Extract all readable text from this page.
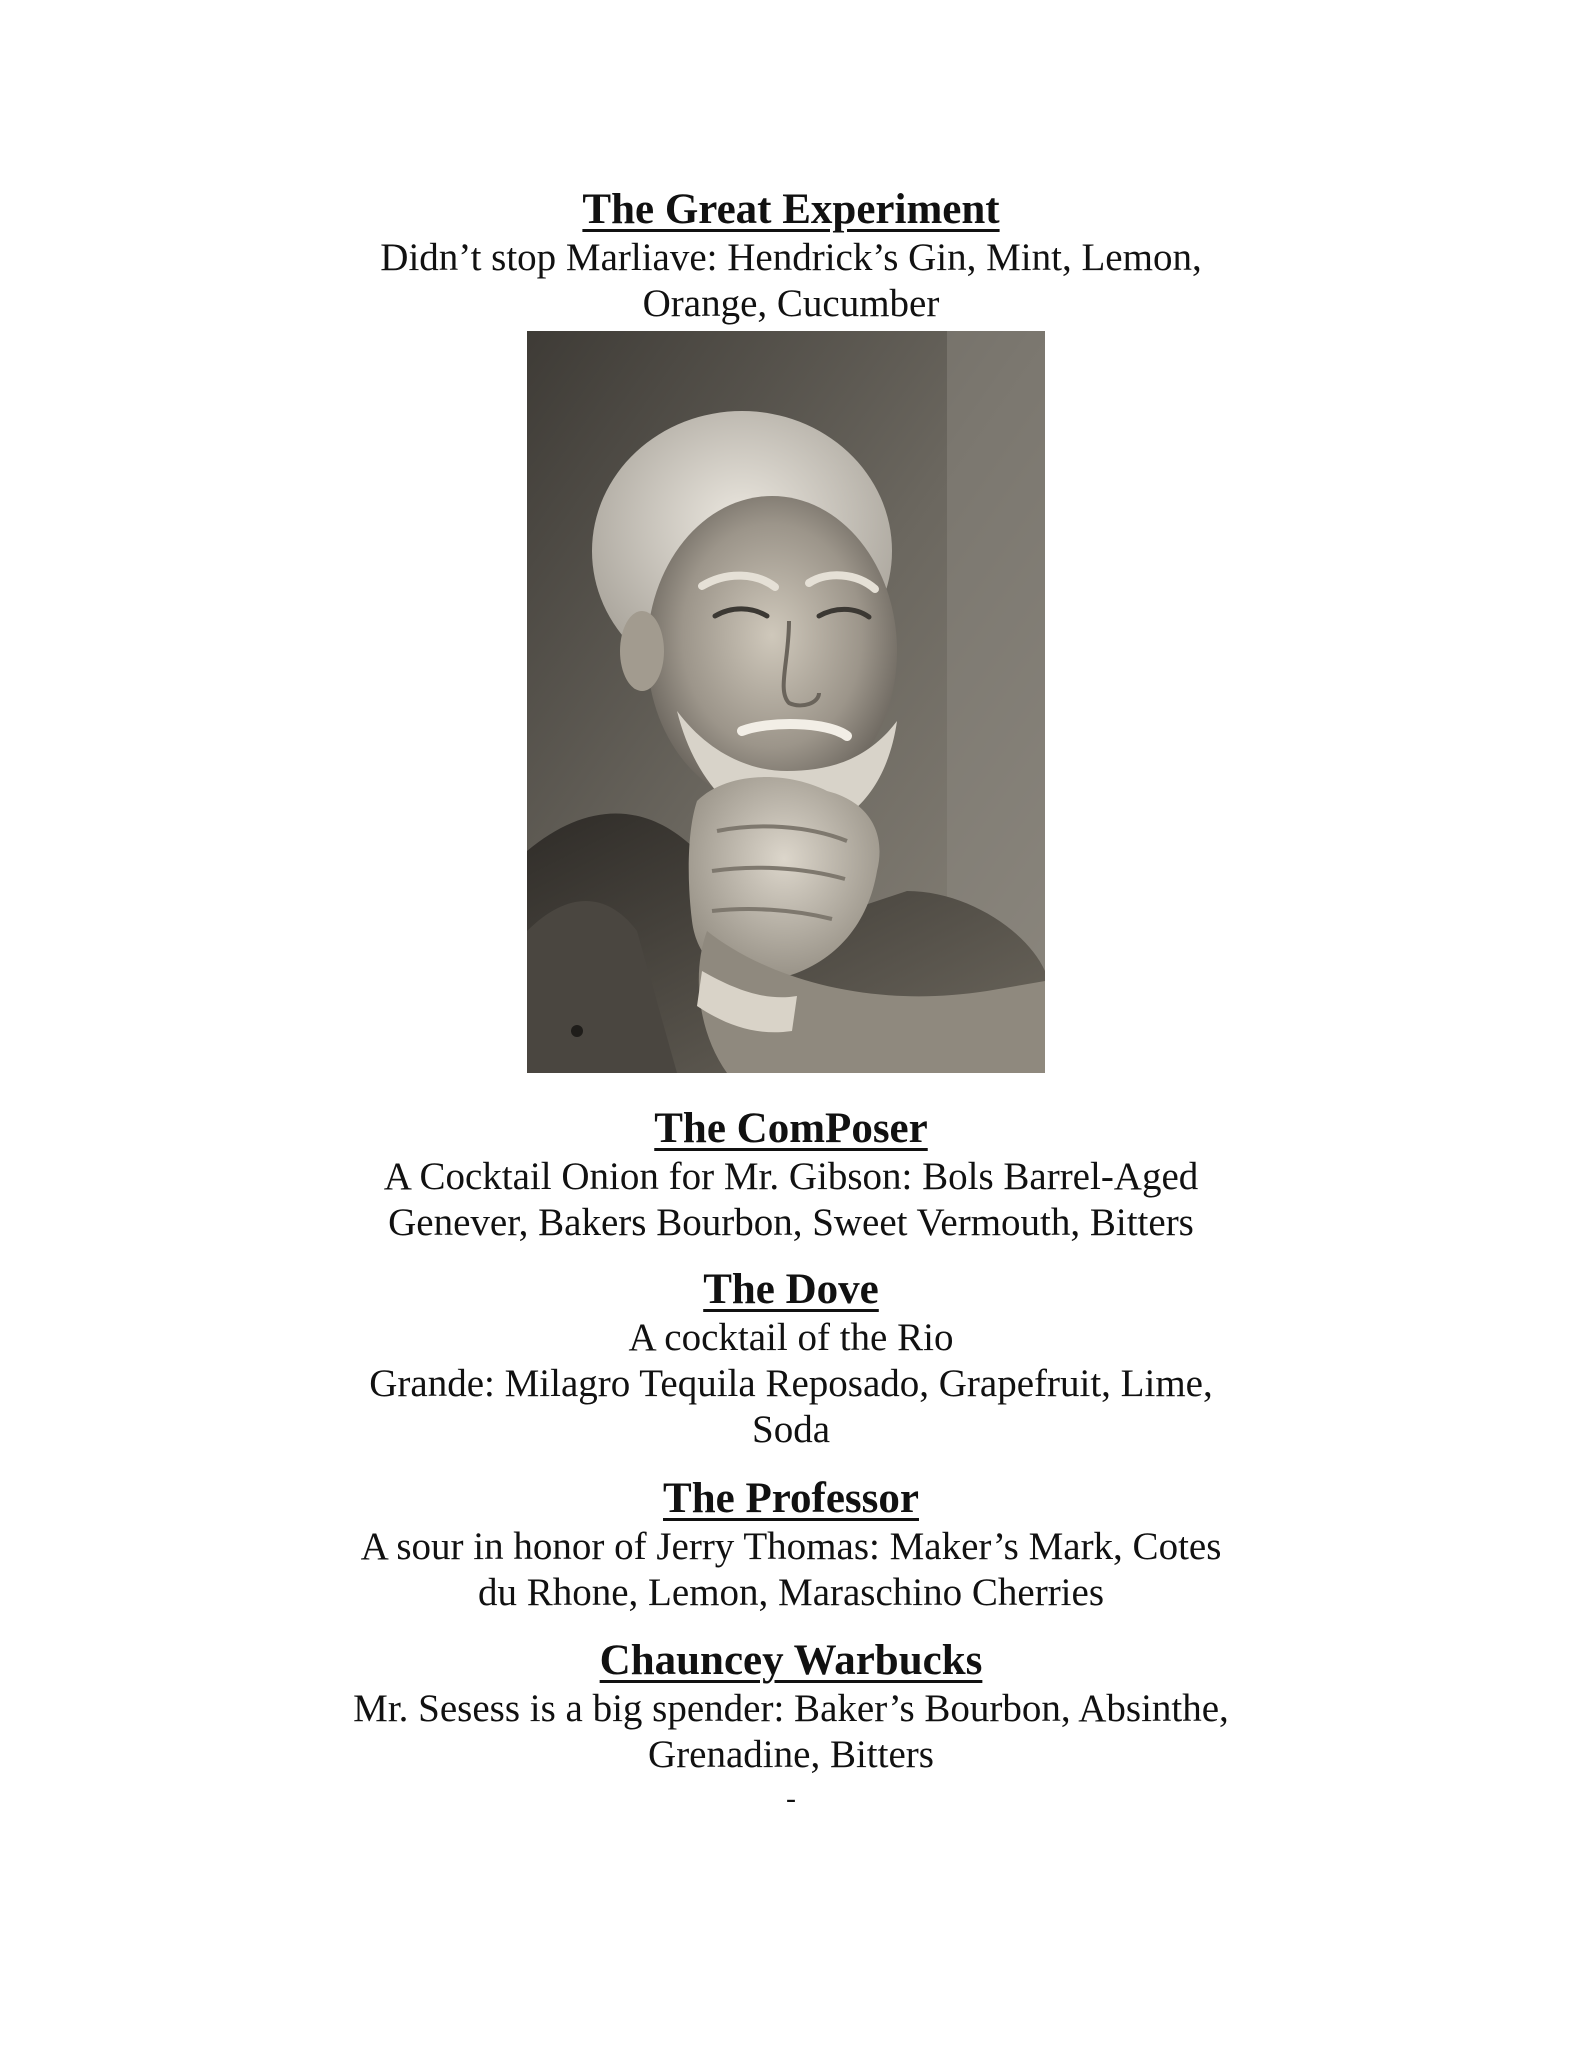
The Great Experiment
Didn’t stop Marliave: Hendrick’s Gin, Mint, Lemon,
Orange, Cucumber
The ComPoser
A Cocktail Onion for Mr. Gibson: Bols Barrel-Aged
Genever, Bakers Bourbon, Sweet Vermouth, Bitters
The Dove
A cocktail of the Rio
Grande: Milagro Tequila Reposado, Grapefruit, Lime,
Soda
The Professor
A sour in honor of Jerry Thomas: Maker’s Mark, Cotes
du Rhone, Lemon, Maraschino Cherries
Chauncey Warbucks
Mr. Sesess is a big spender: Baker’s Bourbon, Absinthe,
Grenadine, Bitters
-
